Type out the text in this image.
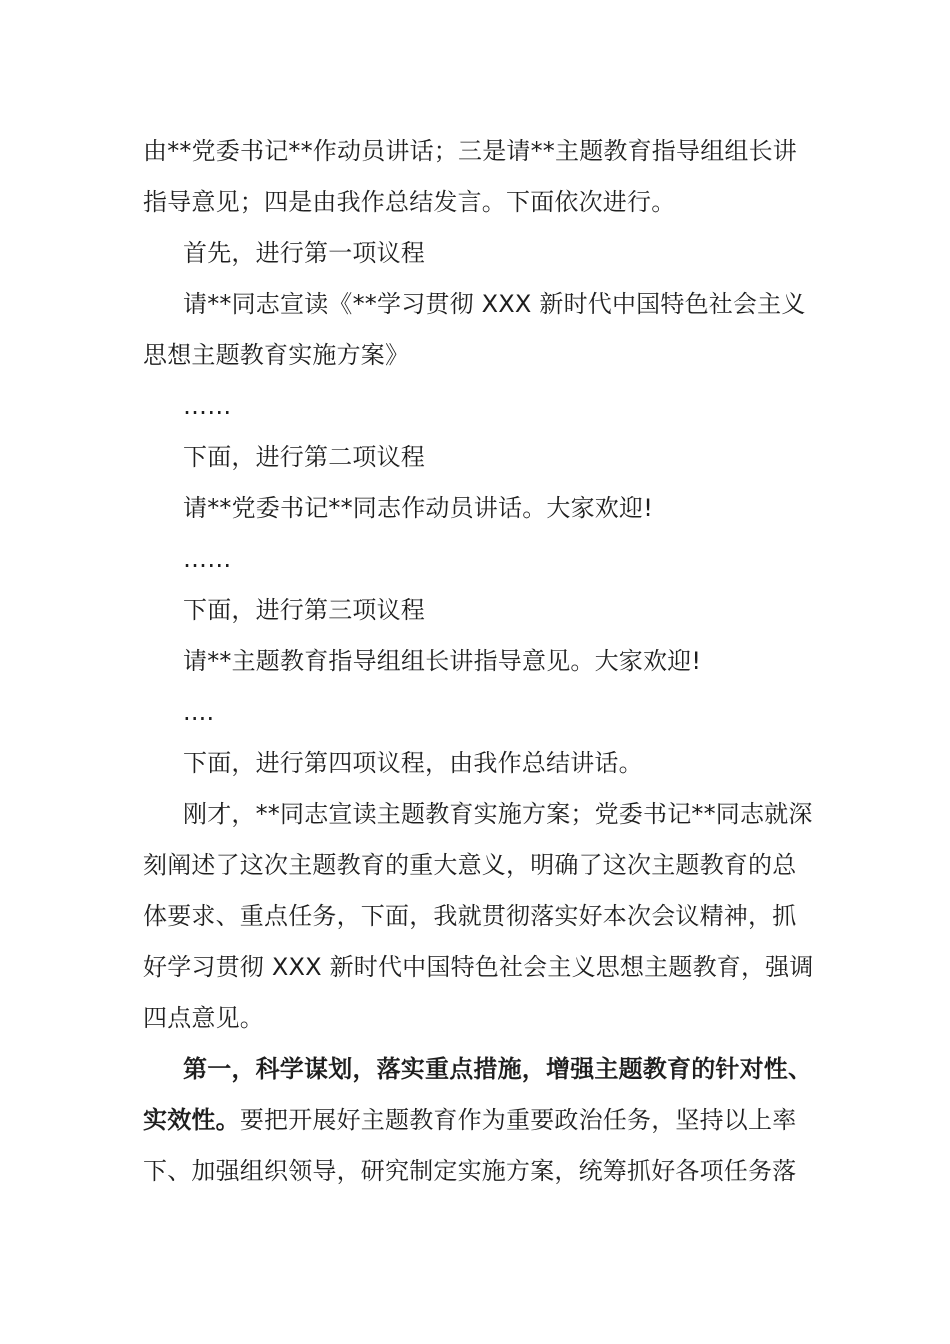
由**党委书记**作动员讲话；三是请**主题教育指导组组长讲
指导意见；四是由我作总结发言。下面依次进行。
首先，进行第一项议程
请**同志宣读《**学习贯彻 XXX 新时代中国特色社会主义
思想主题教育实施方案》
……
下面，进行第二项议程
请**党委书记**同志作动员讲话。大家欢迎!
……
下面，进行第三项议程
请**主题教育指导组组长讲指导意见。大家欢迎!
....
下面，进行第四项议程，由我作总结讲话。
刚才，**同志宣读主题教育实施方案；党委书记**同志就深
刻阐述了这次主题教育的重大意义，明确了这次主题教育的总
体要求、重点任务，下面，我就贯彻落实好本次会议精神，抓
好学习贯彻 XXX 新时代中国特色社会主义思想主题教育，强调
四点意见。
第一，科学谋划，落实重点措施，增强主题教育的针对性、
实效性。要把开展好主题教育作为重要政治任务，坚持以上率
下、加强组织领导，研究制定实施方案，统筹抓好各项任务落
